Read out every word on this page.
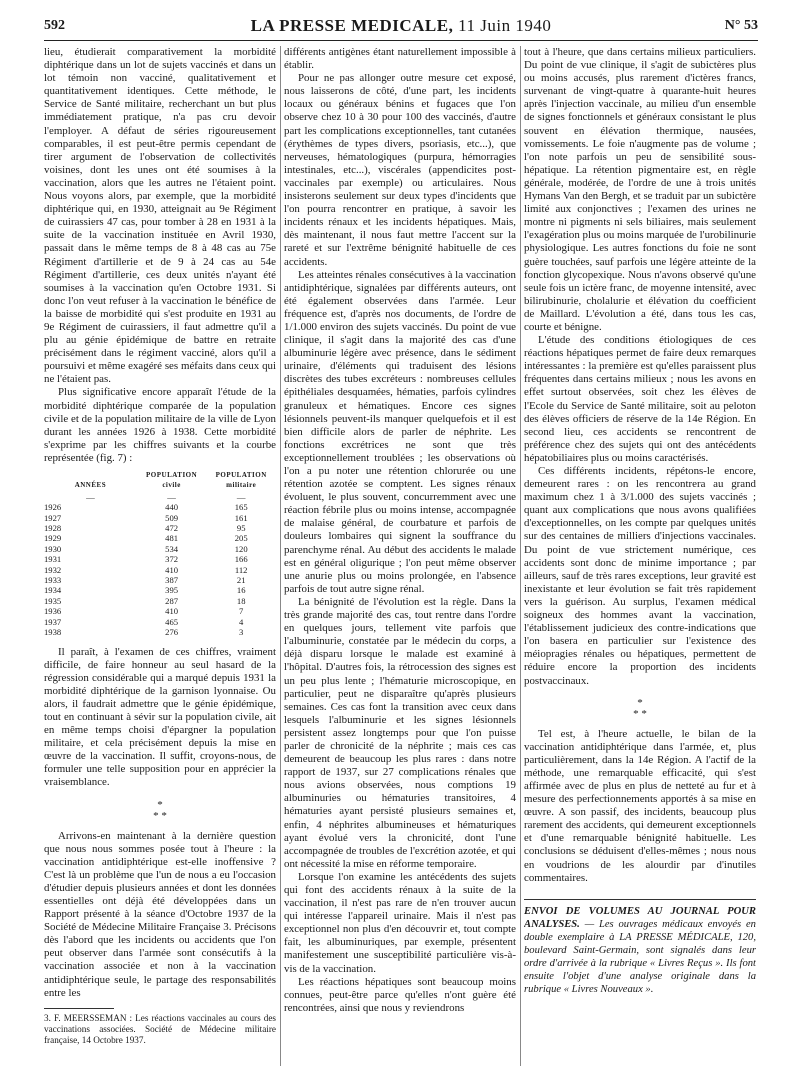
592	LA PRESSE MEDICALE, 11 Juin 1940	N° 53

lieu, étudierait comparativement la morbidité diphtérique dans un lot de sujets vaccinés et dans un lot témoin non vacciné, qualitativement et quantitativement identiques. Cette méthode, le Service de Santé militaire, recherchant un but plus immédiatement pratique, n'a pas cru devoir l'employer. A défaut de séries rigoureusement comparables, il est peut-être permis cependant de tirer argument de l'observation de collectivités voisines, dont les unes ont été soumises à la vaccination, alors que les autres ne l'étaient point. Nous voyons alors, par exemple, que la morbidité diphtérique qui, en 1930, atteignait au 9e Régiment de cuirassiers 47 cas, pour tomber à 28 en 1931 à la suite de la vaccination instituée en Avril 1930, passait dans le même temps de 8 à 48 cas au 75e Régiment d'artillerie et de 9 à 24 cas au 54e Régiment d'artillerie, ces deux unités n'ayant été soumises à la vaccination qu'en Octobre 1931. Si donc l'on veut refuser à la vaccination le bénéfice de la baisse de morbidité qui s'est produite en 1931 au 9e Régiment de cuirassiers, il faut admettre qu'il a plu au génie épidémique de battre en retraite précisément dans le régiment vacciné, alors qu'il a poursuivi et même exagéré ses méfaits dans ceux qui ne l'étaient pas.

Plus significative encore apparaît l'étude de la morbidité diphtérique comparée de la population civile et de la population militaire de la ville de Lyon durant les années 1926 à 1938. Cette morbidité s'exprime par les chiffres suivants et la courbe représentée (fig. 7) :

ANNÉES	POPULATION civile	POPULATION militaire
—	—	—
1926	440	165
1927	509	161
1928	472	95
1929	481	205
1930	534	120
1931	372	166
1932	410	112
1933	387	21
1934	395	16
1935	287	18
1936	410	7
1937	465	4
1938	276	3

Il paraît, à l'examen de ces chiffres, vraiment difficile, de faire honneur au seul hasard de la régression considérable qui a marqué depuis 1931 la morbidité diphtérique de la garnison lyonnaise. Ou alors, il faudrait admettre que le génie épidémique, tout en continuant à sévir sur la population civile, ait en même temps choisi d'épargner la population militaire, et cela précisément depuis la mise en œuvre de la vaccination. Il suffit, croyons-nous, de formuler une telle supposition pour en apprécier la vraisemblance.

*
* *

Arrivons-en maintenant à la dernière question que nous nous sommes posée tout à l'heure : la vaccination antidiphtérique est-elle inoffensive ? C'est là un problème que l'un de nous a eu l'occasion d'étudier depuis plusieurs années et dont les données essentielles ont déjà été développées dans un Rapport présenté à la séance d'Octobre 1937 de la Société de Médecine Militaire Française 3. Précisons dès l'abord que les incidents ou accidents que l'on peut observer dans l'armée sont consécutifs à la vaccination associée et non à la vaccination antidiphtérique seule, le partage des responsabilités entre les

3. F. MEERSSEMAN : Les réactions vaccinales au cours des vaccinations associées. Société de Médecine militaire française, 14 Octobre 1937.

différents antigènes étant naturellement impossible à établir.

Pour ne pas allonger outre mesure cet exposé, nous laisserons de côté, d'une part, les incidents locaux ou généraux bénins et fugaces que l'on observe chez 10 à 30 pour 100 des vaccinés, d'autre part les complications exceptionnelles, tant cutanées (érythèmes de types divers, psoriasis, etc...), que nerveuses, hématologiques (purpura, hémorragies intestinales, etc...), viscérales (appendicites post-vaccinales par exemple) ou articulaires. Nous insisterons seulement sur deux types d'incidents que l'on pourra rencontrer en pratique, à savoir les incidents rénaux et les incidents hépatiques. Mais, dès maintenant, il nous faut mettre l'accent sur la rareté et sur l'extrême bénignité habituelle de ces accidents.

Les atteintes rénales consécutives à la vaccination antidiphtérique, signalées par différents auteurs, ont été également observées dans l'armée. Leur fréquence est, d'après nos documents, de l'ordre de 1/1.000 environ des sujets vaccinés. Du point de vue clinique, il s'agit dans la majorité des cas d'une albuminurie légère avec présence, dans le sédiment urinaire, d'éléments qui traduisent des lésions discrètes des tubes excréteurs : nombreuses cellules épithéliales desquamées, hématies, parfois cylindres granuleux et hématiques. Encore ces signes lésionnels peuvent-ils manquer quelquefois et il est bien difficile alors de parler de néphrite. Les fonctions excrétrices ne sont que très exceptionnellement troublées ; les observations où l'on a pu noter une rétention chlorurée ou une rétention azotée se comptent. Les signes rénaux évoluent, le plus souvent, concurremment avec une réaction fébrile plus ou moins intense, accompagnée de malaise général, de courbature et parfois de douleurs lombaires qui signent la souffrance du parenchyme rénal. Au début des accidents le malade est en général oligurique ; l'on peut même observer une anurie plus ou moins prolongée, en l'absence parfois de tout autre signe rénal.

La bénignité de l'évolution est la règle. Dans la très grande majorité des cas, tout rentre dans l'ordre en quelques jours, tellement vite parfois que l'albuminurie, constatée par le médecin du corps, a déjà disparu lorsque le malade est examiné à l'hôpital. D'autres fois, la rétrocession des signes est un peu plus lente ; l'hématurie microscopique, en particulier, peut ne disparaître qu'après plusieurs semaines. Ces cas font la transition avec ceux dans lesquels l'albuminurie et les signes lésionnels persistent assez longtemps pour que l'on puisse parler de chronicité de la néphrite ; mais ces cas demeurent de beaucoup les plus rares : dans notre rapport de 1937, sur 27 complications rénales que nous avions observées, nous comptions 19 albuminuries ou hématuries transitoires, 4 hématuries ayant persisté plusieurs semaines et, enfin, 4 néphrites albumineuses et hématuriques ayant évolué vers la chronicité, dont l'une accompagnée de troubles de l'excrétion azotée, et qui ont nécessité la mise en réforme temporaire.

Lorsque l'on examine les antécédents des sujets qui font des accidents rénaux à la suite de la vaccination, il n'est pas rare de n'en trouver aucun qui intéresse l'appareil urinaire. Mais il n'est pas exceptionnel non plus d'en découvrir et, tout compte fait, les albuminuriques, par exemple, présentent manifestement une susceptibilité particulière vis-à-vis de la vaccination.

Les réactions hépatiques sont beaucoup moins connues, peut-être parce qu'elles n'ont guère été rencontrées, ainsi que nous y reviendrons

tout à l'heure, que dans certains milieux particuliers. Du point de vue clinique, il s'agit de subictères plus ou moins accusés, plus rarement d'ictères francs, survenant de vingt-quatre à quarante-huit heures après l'injection vaccinale, au milieu d'un ensemble de signes fonctionnels et généraux consistant le plus souvent en élévation thermique, nausées, vomissements. Le foie n'augmente pas de volume ; l'on note parfois un peu de sensibilité sous-hépatique. La rétention pigmentaire est, en règle générale, modérée, de l'ordre de une à trois unités Hymans Van den Bergh, et se traduit par un subictère limité aux conjonctives ; l'examen des urines ne montre ni pigments ni sels biliaires, mais seulement l'exagération plus ou moins marquée de l'urobilinurie physiologique. Les autres fonctions du foie ne sont guère touchées, sauf parfois une légère atteinte de la fonction glycopexique. Nous n'avons observé qu'une seule fois un ictère franc, de moyenne intensité, avec bilirubinurie, cholalurie et élévation du coefficient de Maillard. L'évolution a été, dans tous les cas, courte et bénigne.

L'étude des conditions étiologiques de ces réactions hépatiques permet de faire deux remarques intéressantes : la première est qu'elles paraissent plus fréquentes dans certains milieux ; nous les avons en effet surtout observées, soit chez les élèves de l'Ecole du Service de Santé militaire, soit au peloton des élèves officiers de réserve de la 14e Région. En second lieu, ces accidents se rencontrent de préférence chez des sujets qui ont des antécédents hépatobiliaires plus ou moins caractérisés.

Ces différents incidents, répétons-le encore, demeurent rares : on les rencontrera au grand maximum chez 1 à 3/1.000 des sujets vaccinés ; quant aux complications que nous avons qualifiées d'exceptionnelles, on les compte par quelques unités sur des centaines de milliers d'injections vaccinales. Du point de vue strictement numérique, ces accidents sont donc de minime importance ; par ailleurs, sauf de très rares exceptions, leur gravité est inexistante et leur évolution se fait très rapidement vers la guérison. Au surplus, l'examen médical soigneux des hommes avant la vaccination, l'établissement judicieux des contre-indications que l'on basera en particulier sur l'existence des méiopragies rénales ou hépatiques, permettent de réduire encore la proportion des incidents postvaccinaux.

*
* *

Tel est, à l'heure actuelle, le bilan de la vaccination antidiphtérique dans l'armée, et, plus particulièrement, dans la 14e Région. A l'actif de la méthode, une remarquable efficacité, qui s'est affirmée avec de plus en plus de netteté au fur et à mesure des perfectionnements apportés à sa mise en œuvre. A son passif, des incidents, beaucoup plus rarement des accidents, qui demeurent exceptionnels et d'une remarquable bénignité habituelle. Les conclusions se déduisent d'elles-mêmes ; nous nous en voudrions de les alourdir par d'inutiles commentaires.

ENVOI DE VOLUMES AU JOURNAL POUR ANALYSES. — Les ouvrages médicaux envoyés en double exemplaire à LA PRESSE MÉDICALE, 120, boulevard Saint-Germain, sont signalés dans leur ordre d'arrivée à la rubrique « Livres Reçus ». Ils font ensuite l'objet d'une analyse originale dans la rubrique « Livres Nouveaux ».
